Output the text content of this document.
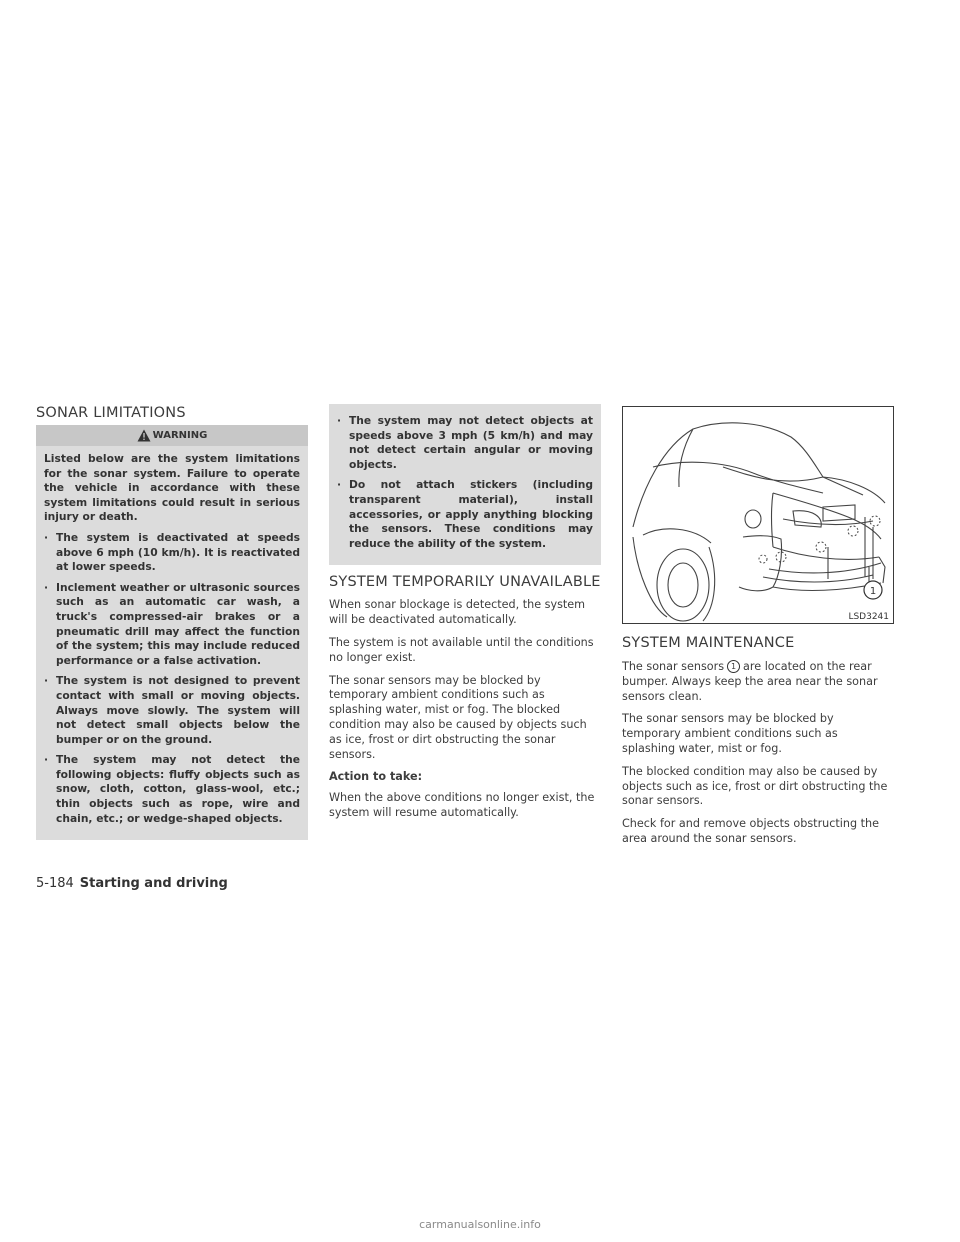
SONAR LIMITATIONS
WARNING

Listed below are the system limitations for the sonar system. Failure to operate the vehicle in accordance with these system limitations could result in serious injury or death.

· The system is deactivated at speeds above 6 mph (10 km/h). It is reactivated at lower speeds.
· Inclement weather or ultrasonic sources such as an automatic car wash, a truck's compressed-air brakes or a pneumatic drill may affect the function of the system; this may include reduced performance or a false activation.
· The system is not designed to prevent contact with small or moving objects. Always move slowly. The system will not detect small objects below the bumper or on the ground.
· The system may not detect the following objects: fluffy objects such as snow, cloth, cotton, glass-wool, etc.; thin objects such as rope, wire and chain, etc.; or wedge-shaped objects.
· The system may not detect objects at speeds above 3 mph (5 km/h) and may not detect certain angular or moving objects.
· Do not attach stickers (including transparent material), install accessories, or apply anything blocking the sensors. These conditions may reduce the ability of the system.
SYSTEM TEMPORARILY UNAVAILABLE

When sonar blockage is detected, the system will be deactivated automatically.

The system is not available until the conditions no longer exist.

The sonar sensors may be blocked by temporary ambient conditions such as splashing water, mist or fog. The blocked condition may also be caused by objects such as ice, frost or dirt obstructing the sonar sensors.

Action to take:

When the above conditions no longer exist, the system will resume automatically.

1
LSD3241
SYSTEM MAINTENANCE

The sonar sensors 1 are located on the rear bumper. Always keep the area near the sonar sensors clean.

The sonar sensors may be blocked by temporary ambient conditions such as splashing water, mist or fog.

The blocked condition may also be caused by objects such as ice, frost or dirt obstructing the sonar sensors.

Check for and remove objects obstructing the area around the sonar sensors.

5-184 Starting and driving
carmanualsonline.info
